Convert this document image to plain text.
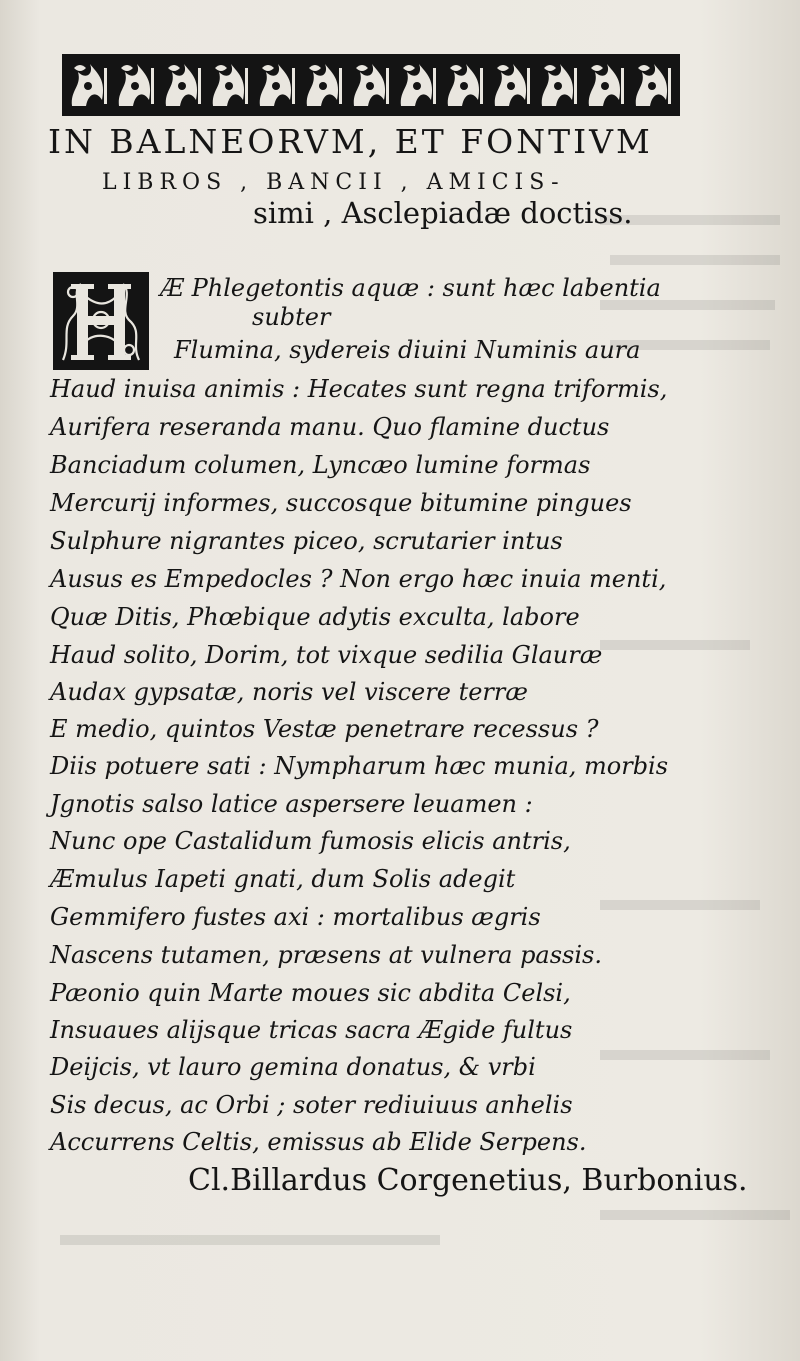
IN BALNEORVM, ET FONTIVM
LIBROS , BANCII , AMICIS-
simi , Asclepiadæ doctiss.
Æ Phlegetontis aquæ : sunt hæc labentia
subter
Flumina, sydereis diuini Numinis aura
Haud inuisa animis : Hecates sunt regna triformis,
Aurifera reseranda manu. Quo flamine ductus
Banciadum columen, Lyncæo lumine formas
Mercurij informes, succosque bitumine pingues
Sulphure nigrantes piceo, scrutarier intus
Ausus es Empedocles ? Non ergo hæc inuia menti,
Quæ Ditis, Phœbique adytis exculta, labore
Haud solito, Dorim, tot vixque sedilia Glauræ
Audax gypsatæ, noris vel viscere terræ
E medio, quintos Vestæ penetrare recessus ?
Diis potuere sati : Nympharum hæc munia, morbis
Jgnotis salso latice aspersere leuamen :
Nunc ope Castalidum fumosis elicis antris,
Æmulus Iapeti gnati, dum Solis adegit
Gemmifero fustes axi : mortalibus ægris
Nascens tutamen, præsens at vulnera passis.
Pæonio quin Marte moues sic abdita Celsi,
Insuaues alijsque tricas sacra Ægide fultus
Deijcis, vt lauro gemina donatus, & vrbi
Sis decus, ac Orbi ; soter rediuiuus anhelis
Accurrens Celtis, emissus ab Elide Serpens.
Cl.Billardus Corgenetius, Burbonius.
